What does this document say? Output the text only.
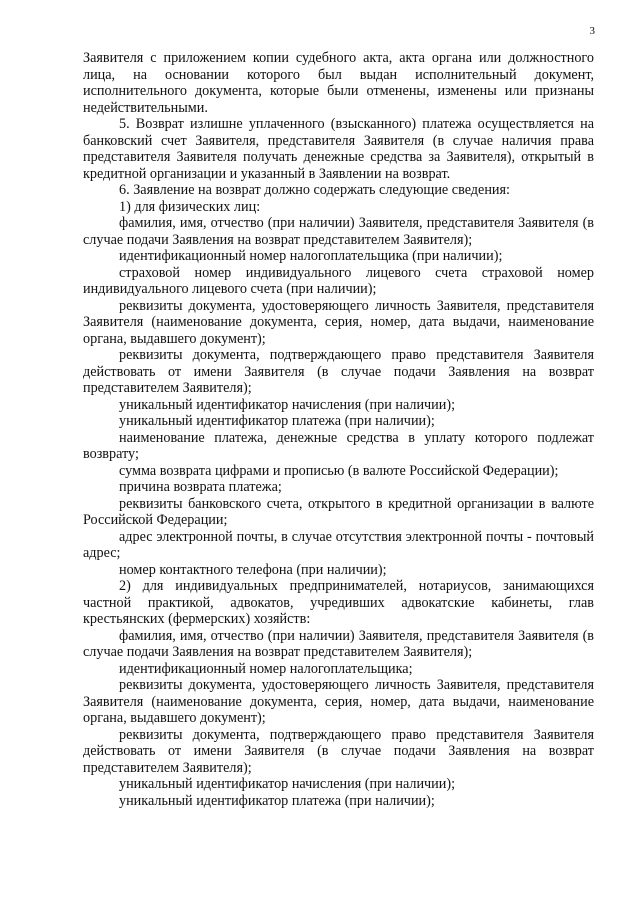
3

Заявителя с приложением копии судебного акта, акта органа или должностного лица, на основании которого был выдан исполнительный документ, исполнительного документа, которые были отменены, изменены или признаны недействительными.

5. Возврат излишне уплаченного (взысканного) платежа осуществляется на банковский счет Заявителя, представителя Заявителя (в случае наличия права представителя Заявителя получать денежные средства за Заявителя), открытый в кредитной организации и указанный в Заявлении на возврат.

6. Заявление на возврат должно содержать следующие сведения:

1) для физических лиц:

фамилия, имя, отчество (при наличии) Заявителя, представителя Заявителя (в случае подачи Заявления на возврат представителем Заявителя);

идентификационный номер налогоплательщика (при наличии);

страховой номер индивидуального лицевого счета страховой номер индивидуального лицевого счета (при наличии);

реквизиты документа, удостоверяющего личность Заявителя, представителя Заявителя (наименование документа, серия, номер, дата выдачи, наименование органа, выдавшего документ);

реквизиты документа, подтверждающего право представителя Заявителя действовать от имени Заявителя (в случае подачи Заявления на возврат представителем Заявителя);

уникальный идентификатор начисления (при наличии);

уникальный идентификатор платежа (при наличии);

наименование платежа, денежные средства в уплату которого подлежат возврату;

сумма возврата цифрами и прописью (в валюте Российской Федерации);

причина возврата платежа;

реквизиты банковского счета, открытого в кредитной организации в валюте Российской Федерации;

адрес электронной почты, в случае отсутствия электронной почты - почтовый адрес;

номер контактного телефона (при наличии);

2) для индивидуальных предпринимателей, нотариусов, занимающихся частной практикой, адвокатов, учредивших адвокатские кабинеты, глав крестьянских (фермерских) хозяйств:

фамилия, имя, отчество (при наличии) Заявителя, представителя Заявителя (в случае подачи Заявления на возврат представителем Заявителя);

идентификационный номер налогоплательщика;

реквизиты документа, удостоверяющего личность Заявителя, представителя Заявителя (наименование документа, серия, номер, дата выдачи, наименование органа, выдавшего документ);

реквизиты документа, подтверждающего право представителя Заявителя действовать от имени Заявителя (в случае подачи Заявления на возврат представителем Заявителя);

уникальный идентификатор начисления (при наличии);

уникальный идентификатор платежа (при наличии);
